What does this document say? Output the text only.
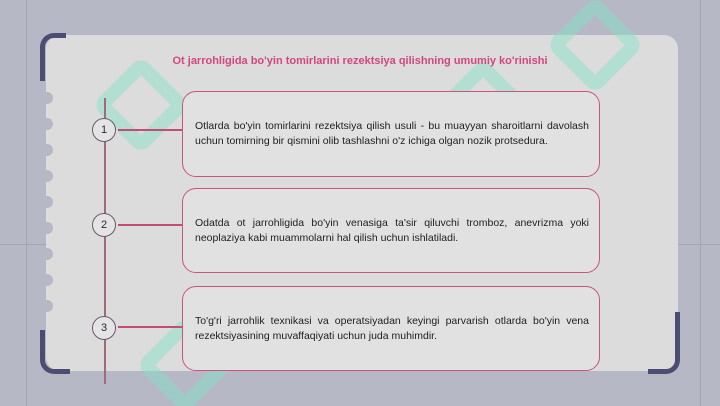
Ot jarrohligida bo'yin tomirlarini rezektsiya qilishning umumiy ko'rinishi
1	Otlarda bo'yin tomirlarini rezektsiya qilish usuli - bu muayyan sharoitlarni davolash uchun tomirning bir qismini olib tashlashni o'z ichiga olgan nozik protsedura.
2	Odatda ot jarrohligida bo'yin venasiga ta'sir qiluvchi tromboz, anevrizma yoki neoplaziya kabi muammolarni hal qilish uchun ishlatiladi.
3
To'g'ri jarrohlik texnikasi va operatsiyadan keyingi parvarish otlarda bo'yin vena rezektsiyasining muvaffaqiyati uchun juda muhimdir.
